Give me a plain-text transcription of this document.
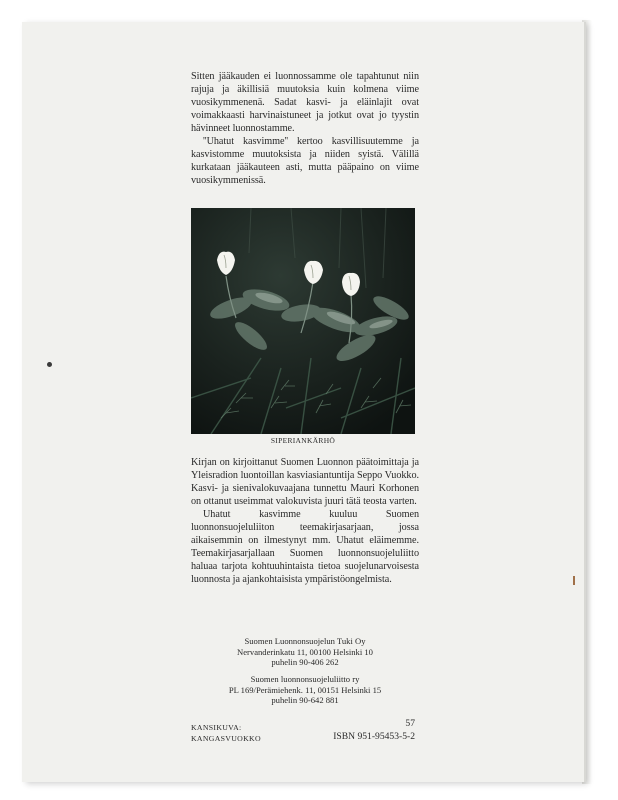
Sitten jääkauden ei luonnossamme ole tapahtunut niin rajuja ja äkillisiä muutoksia kuin kolmena viime vuosikymmenenä. Sadat kasvi- ja eläinlajit ovat voimakkaasti harvinaistuneet ja jotkut ovat jo tyystin hävinneet luonnostamme.

''Uhatut kasvimme'' kertoo kasvillisuutemme ja kasvistomme muutoksista ja niiden syistä. Välillä kurkataan jääkauteen asti, mutta pääpaino on viime vuosikymmenissä.

SIPERIANKÄRHÖ

Kirjan on kirjoittanut Suomen Luonnon päätoimittaja ja Yleisradion luontoillan kasviasiantuntija Seppo Vuokko. Kasvi- ja sienivalokuvaajana tunnettu Mauri Korhonen on ottanut useimmat valokuvista juuri tätä teosta varten.

Uhatut kasvimme kuuluu Suomen luonnonsuojeluliiton teemakirjasarjaan, jossa aikaisemmin on ilmestynyt mm. Uhatut eläimemme. Teemakirjasarjallaan Suomen luonnonsuojeluliitto haluaa tarjota kohtuuhintaista tietoa suojelunarvoisesta luonnosta ja ajankohtaisista ympäristöongelmista.

Suomen Luonnonsuojelun Tuki Oy
Nervanderinkatu 11, 00100 Helsinki 10
puhelin 90-406 262
Suomen luonnonsuojeluliitto ry
PL 169/Perämiehenk. 11, 00151 Helsinki 15
puhelin 90-642 881
KANSIKUVA:
KANGASVUOKKO
57
ISBN 951-95453-5-2
